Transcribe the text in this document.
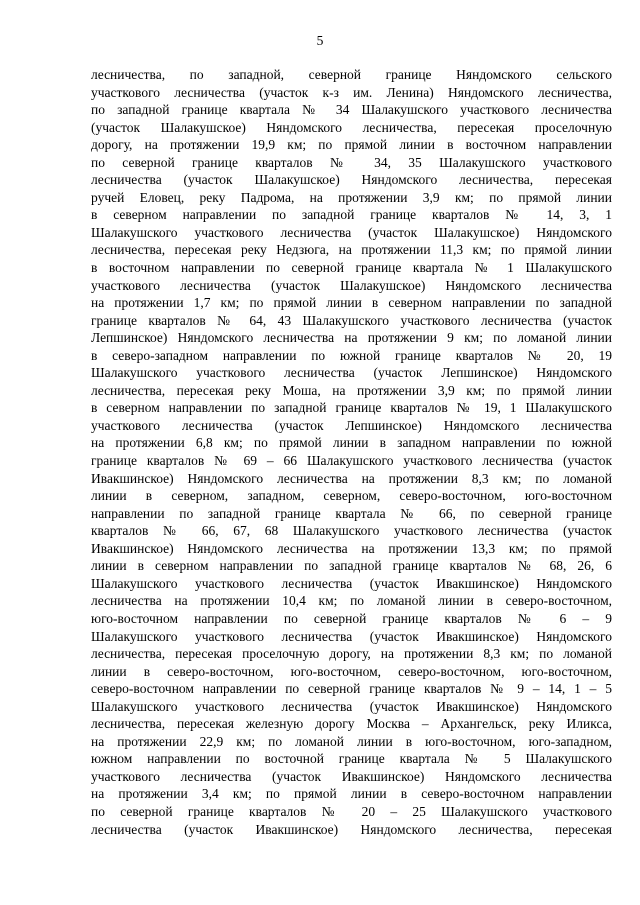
5
лесничества, по западной, северной границе Няндомского сельского
участкового лесничества (участок к-з им. Ленина) Няндомского лесничества,
по западной границе квартала № 34 Шалакушского участкового лесничества
(участок Шалакушское) Няндомского лесничества, пересекая проселочную
дорогу, на протяжении 19,9 км; по прямой линии в восточном направлении
по северной границе кварталов № 34, 35 Шалакушского участкового
лесничества (участок Шалакушское) Няндомского лесничества, пересекая
ручей Еловец, реку Падрома, на протяжении 3,9 км; по прямой линии
в северном направлении по западной границе кварталов № 14, 3, 1
Шалакушского участкового лесничества (участок Шалакушское) Няндомского
лесничества, пересекая реку Недзюга, на протяжении 11,3 км; по прямой линии
в восточном направлении по северной границе квартала № 1 Шалакушского
участкового лесничества (участок Шалакушское) Няндомского лесничества
на протяжении 1,7 км; по прямой линии в северном направлении по западной
границе кварталов № 64, 43 Шалакушского участкового лесничества (участок
Лепшинское) Няндомского лесничества на протяжении 9 км; по ломаной линии
в северо-западном направлении по южной границе кварталов № 20, 19
Шалакушского участкового лесничества (участок Лепшинское) Няндомского
лесничества, пересекая реку Моша, на протяжении 3,9 км; по прямой линии
в северном направлении по западной границе кварталов № 19, 1 Шалакушского
участкового лесничества (участок Лепшинское) Няндомского лесничества
на протяжении 6,8 км; по прямой линии в западном направлении по южной
границе кварталов № 69 – 66 Шалакушского участкового лесничества (участок
Ивакшинское) Няндомского лесничества на протяжении 8,3 км; по ломаной
линии в северном, западном, северном, северо-восточном, юго-восточном
направлении по западной границе квартала № 66, по северной границе
кварталов № 66, 67, 68 Шалакушского участкового лесничества (участок
Ивакшинское) Няндомского лесничества на протяжении 13,3 км; по прямой
линии в северном направлении по западной границе кварталов № 68, 26, 6
Шалакушского участкового лесничества (участок Ивакшинское) Няндомского
лесничества на протяжении 10,4 км; по ломаной линии в северо-восточном,
юго-восточном направлении по северной границе кварталов № 6 – 9
Шалакушского участкового лесничества (участок Ивакшинское) Няндомского
лесничества, пересекая проселочную дорогу, на протяжении 8,3 км; по ломаной
линии в северо-восточном, юго-восточном, северо-восточном, юго-восточном,
северо-восточном направлении по северной границе кварталов № 9 – 14, 1 – 5
Шалакушского участкового лесничества (участок Ивакшинское) Няндомского
лесничества, пересекая железную дорогу Москва – Архангельск, реку Иликса,
на протяжении 22,9 км; по ломаной линии в юго-восточном, юго-западном,
южном направлении по восточной границе квартала № 5 Шалакушского
участкового лесничества (участок Ивакшинское) Няндомского лесничества
на протяжении 3,4 км; по прямой линии в северо-восточном направлении
по северной границе кварталов № 20 – 25 Шалакушского участкового
лесничества (участок Ивакшинское) Няндомского лесничества, пересекая
